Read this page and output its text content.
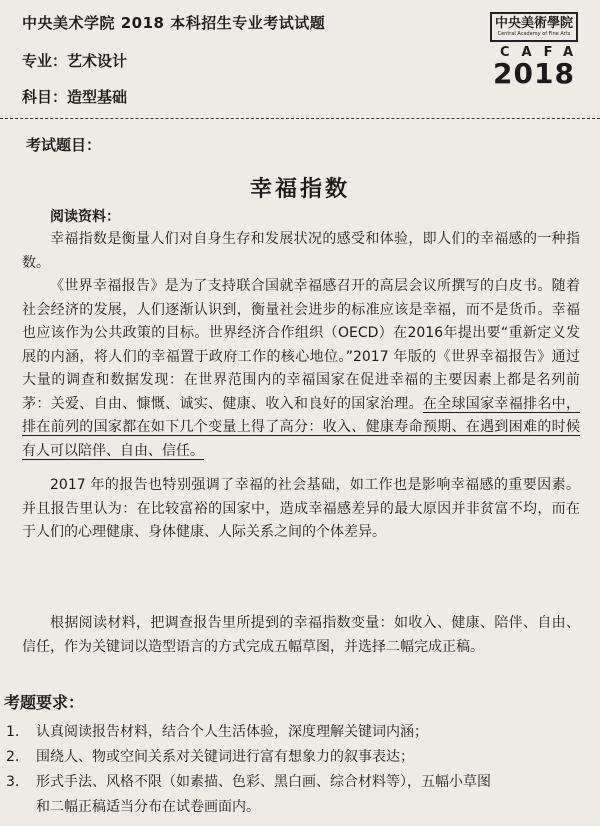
中央美术学院 2018 本科招生专业考试试题
专业：艺术设计
科目：造型基础
中央美術學院
Central Academy of Fine Arts
CAFA
2018
考试题目：
幸福指数
阅读资料：

幸福指数是衡量人们对自身生存和发展状况的感受和体验，即人们的幸福感的一种指数。

《世界幸福报告》是为了支持联合国就幸福感召开的高层会议所撰写的白皮书。随着社会经济的发展，人们逐渐认识到，衡量社会进步的标准应该是幸福，而不是货币。幸福也应该作为公共政策的目标。世界经济合作组织（OECD）在2016年提出要“重新定义发展的内涵，将人们的幸福置于政府工作的核心地位。”2017 年版的《世界幸福报告》通过大量的调查和数据发现：在世界范围内的幸福国家在促进幸福的主要因素上都是名列前茅：关爱、自由、慷慨、诚实、健康、收入和良好的国家治理。在全球国家幸福排名中，排在前列的国家都在如下几个变量上得了高分：收入、健康寿命预期、在遇到困难的时候有人可以陪伴、自由、信任。

2017 年的报告也特别强调了幸福的社会基础，如工作也是影响幸福感的重要因素。并且报告里认为：在比较富裕的国家中，造成幸福感差异的最大原因并非贫富不均，而在于人们的心理健康、身体健康、人际关系之间的个体差异。

根据阅读材料，把调查报告里所提到的幸福指数变量：如收入、健康、陪伴、自由、信任，作为关键词以造型语言的方式完成五幅草图，并选择二幅完成正稿。

考题要求：
1.	认真阅读报告材料，结合个人生活体验，深度理解关键词内涵；
2.	围绕人、物或空间关系对关键词进行富有想象力的叙事表达；
3.	形式手法、风格不限（如素描、色彩、黑白画、综合材料等），五幅小草图
和二幅正稿适当分布在试卷画面内。
